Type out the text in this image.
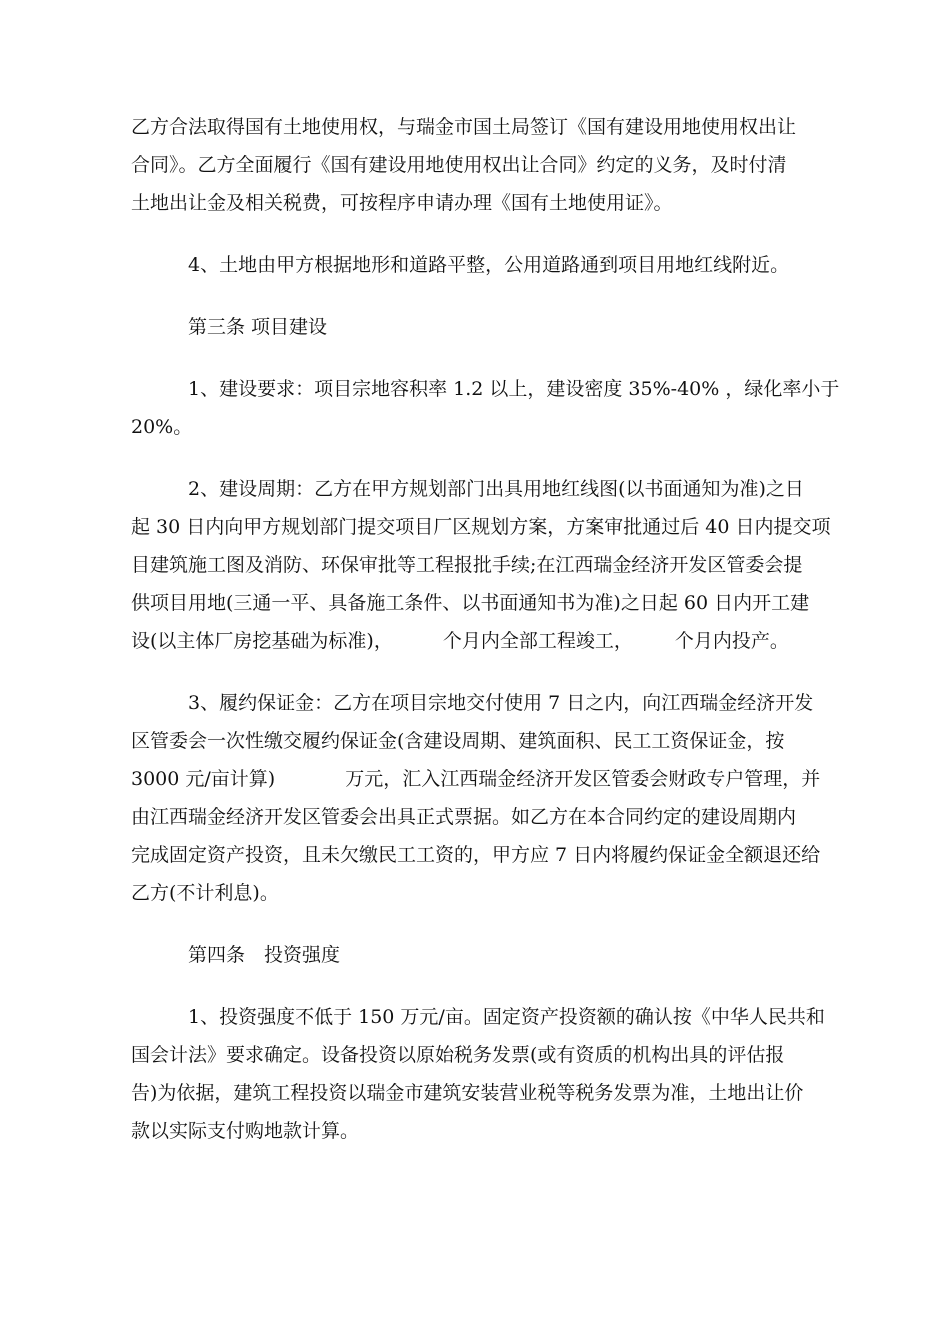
乙方合法取得国有土地使用权，与瑞金市国土局签订《国有建设用地使用权出让
合同》。乙方全面履行《国有建设用地使用权出让合同》约定的义务，及时付清
土地出让金及相关税费，可按程序申请办理《国有土地使用证》。
4、土地由甲方根据地形和道路平整，公用道路通到项目用地红线附近。
第三条 项目建设
1、建设要求：项目宗地容积率 1.2 以上，建设密度 35%-40% ，绿化率小于
20%。
2、建设周期：乙方在甲方规划部门出具用地红线图(以书面通知为准)之日
起 30 日内向甲方规划部门提交项目厂区规划方案，方案审批通过后 40 日内提交项
目建筑施工图及消防、环保审批等工程报批手续;在江西瑞金经济开发区管委会提
供项目用地(三通一平、具备施工条件、以书面通知书为准)之日起 60 日内开工建
设(以主体厂房挖基础为标准)，	个月内全部工程竣工， 个月内投产。
3、履约保证金：乙方在项目宗地交付使用 7 日之内，向江西瑞金经济开发
区管委会一次性缴交履约保证金(含建设周期、建筑面积、民工工资保证金，按
3000 元/亩计算)	万元，汇入江西瑞金经济开发区管委会财政专户管理，并
由江西瑞金经济开发区管委会出具正式票据。如乙方在本合同约定的建设周期内
完成固定资产投资，且未欠缴民工工资的，甲方应 7 日内将履约保证金全额退还给
乙方(不计利息)。
第四条　投资强度
1、投资强度不低于 150 万元/亩。固定资产投资额的确认按《中华人民共和
国会计法》要求确定。设备投资以原始税务发票(或有资质的机构出具的评估报
告)为依据，建筑工程投资以瑞金市建筑安装营业税等税务发票为准，土地出让价
款以实际支付购地款计算。
